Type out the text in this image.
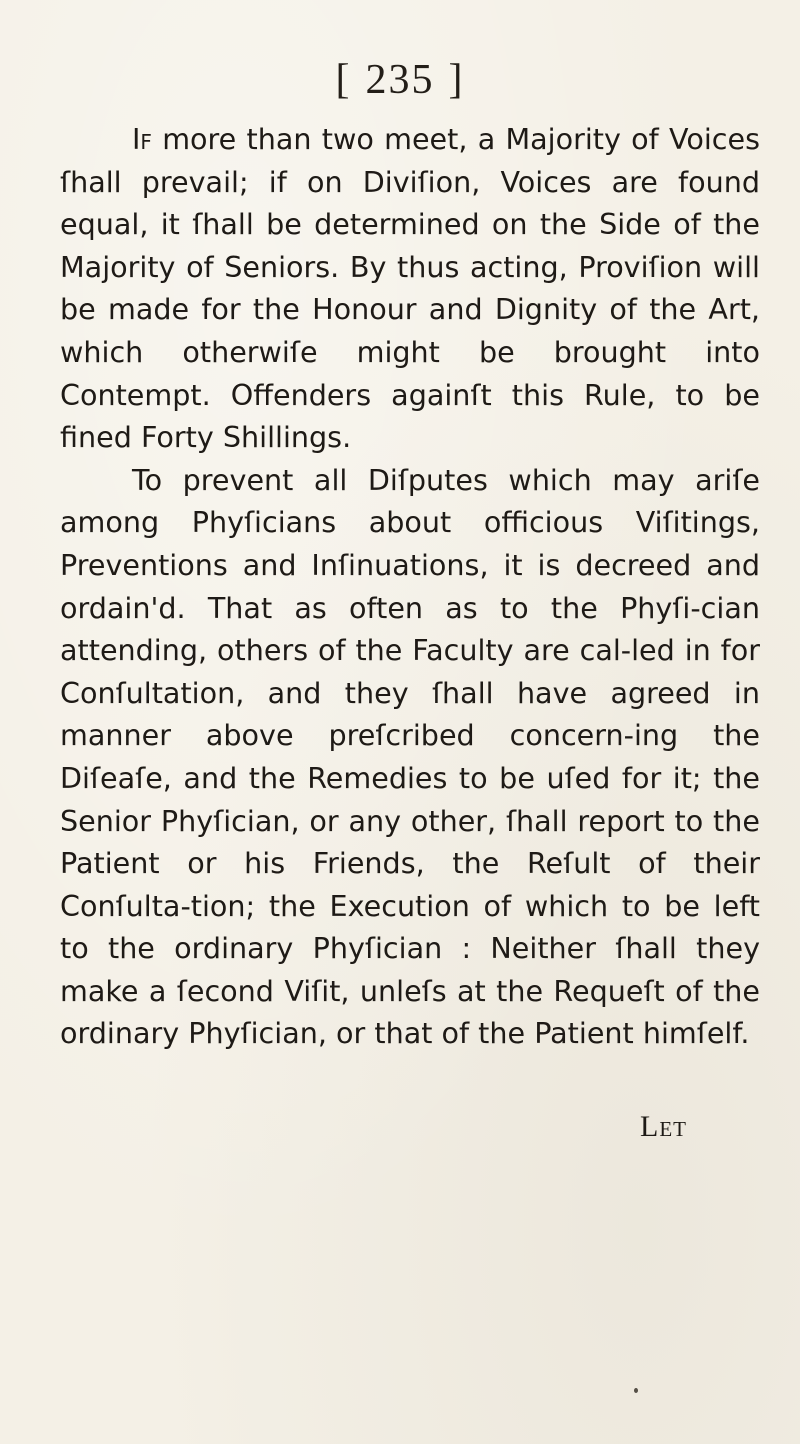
[ 235 ]

If more than two meet, a Majority of Voices ſhall prevail; if on Diviſion, Voices are found equal, it ſhall be determined on the Side of the Majority of Seniors. By thus acting, Proviſion will be made for the Honour and Dignity of the Art, which otherwiſe might be brought into Contempt. Offenders againſt this Rule, to be fined Forty Shillings.

To prevent all Diſputes which may ariſe among Phyſicians about officious Viſitings, Preventions and Inſinuations, it is decreed and ordain'd. That as often as to the Phyſi-cian attending, others of the Faculty are cal-led in for Conſultation, and they ſhall have agreed in manner above preſcribed concern-ing the Diſeaſe, and the Remedies to be uſed for it; the Senior Phyſician, or any other, ſhall report to the Patient or his Friends, the Reſult of their Conſulta-tion; the Execution of which to be left to the ordinary Phyſician : Neither ſhall they make a ſecond Viſit, unleſs at the Requeſt of the ordinary Phyſician, or that of the Patient himſelf.

Let
